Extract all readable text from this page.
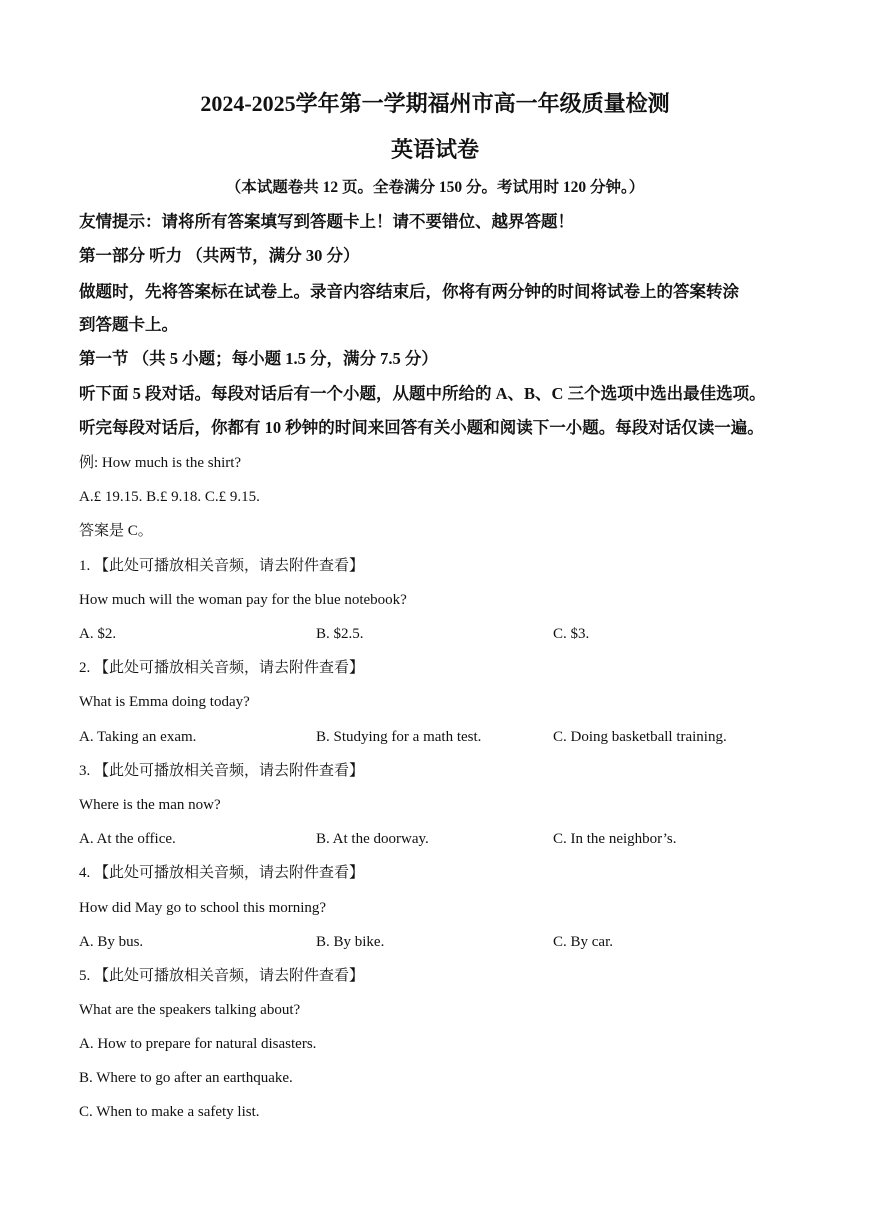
2024-2025学年第一学期福州市高一年级质量检测
英语试卷
（本试题卷共 12 页。全卷满分 150 分。考试用时 120 分钟。）
友情提示：请将所有答案填写到答题卡上！请不要错位、越界答题！
第一部分 听力 （共两节，满分 30 分）
做题时，先将答案标在试卷上。录音内容结束后，你将有两分钟的时间将试卷上的答案转涂
到答题卡上。
第一节 （共 5 小题；每小题 1.5 分，满分 7.5 分）
听下面 5 段对话。每段对话后有一个小题，从题中所给的 A、B、C 三个选项中选出最佳选项。
听完每段对话后，你都有 10 秒钟的时间来回答有关小题和阅读下一小题。每段对话仅读一遍。
例: How much is the shirt?
A.£ 19.15. B.£ 9.18. C.£ 9.15.
答案是 C。
1. 【此处可播放相关音频，请去附件查看】
How much will the woman pay for the blue notebook?
A. $2.	B. $2.5.	C. $3.
2. 【此处可播放相关音频，请去附件查看】
What is Emma doing today?
A. Taking an exam.	B. Studying for a math test.	C. Doing basketball training.
3. 【此处可播放相关音频，请去附件查看】
Where is the man now?
A. At the office.	B. At the doorway.	C. In the neighbor’s.
4. 【此处可播放相关音频，请去附件查看】
How did May go to school this morning?
A. By bus.	B. By bike.	C. By car.
5. 【此处可播放相关音频，请去附件查看】
What are the speakers talking about?
A. How to prepare for natural disasters.
B. Where to go after an earthquake.
C. When to make a safety list.
